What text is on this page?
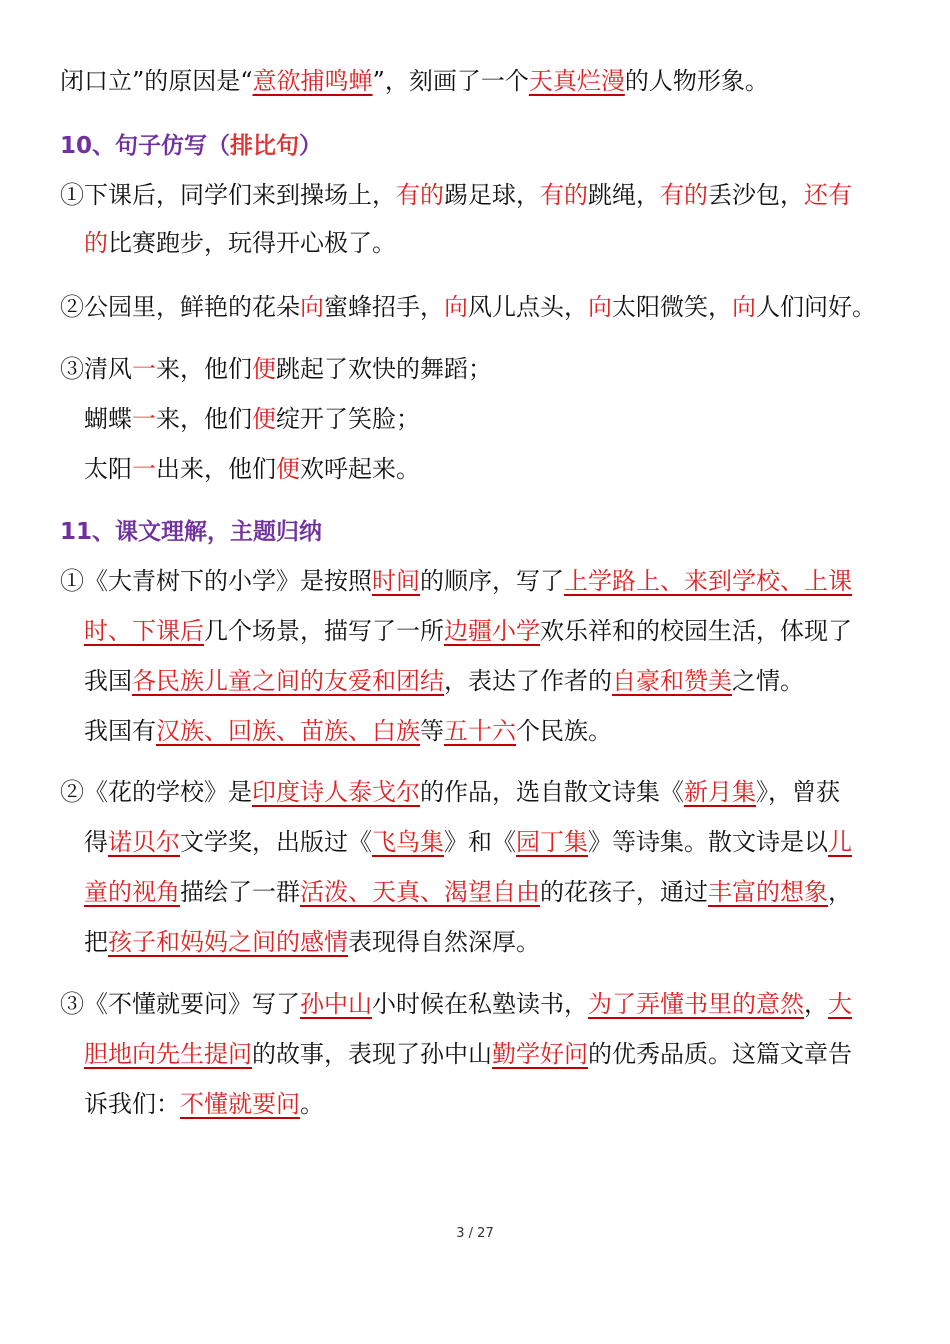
闭口立”的原因是“意欲捕鸣蝉”，刻画了一个天真烂漫的人物形象。
10、句子仿写（排比句）
①下课后，同学们来到操场上，有的踢足球，有的跳绳，有的丢沙包，还有
的比赛跑步，玩得开心极了。
②公园里，鲜艳的花朵向蜜蜂招手，向风儿点头，向太阳微笑，向人们问好。
③清风一来，他们便跳起了欢快的舞蹈；
蝴蝶一来，他们便绽开了笑脸；
太阳一出来，他们便欢呼起来。
11、课文理解，主题归纳
①《大青树下的小学》是按照时间的顺序，写了上学路上、来到学校、上课
时、下课后几个场景，描写了一所边疆小学欢乐祥和的校园生活，体现了
我国各民族儿童之间的友爱和团结，表达了作者的自豪和赞美之情。
我国有汉族、回族、苗族、白族等五十六个民族。
②《花的学校》是印度诗人泰戈尔的作品，选自散文诗集《新月集》，曾获
得诺贝尔文学奖，出版过《飞鸟集》和《园丁集》等诗集。散文诗是以儿
童的视角描绘了一群活泼、天真、渴望自由的花孩子，通过丰富的想象，
把孩子和妈妈之间的感情表现得自然深厚。
③《不懂就要问》写了孙中山小时候在私塾读书，为了弄懂书里的意然，大
胆地向先生提问的故事，表现了孙中山勤学好问的优秀品质。这篇文章告
诉我们：不懂就要问。
3 / 27
